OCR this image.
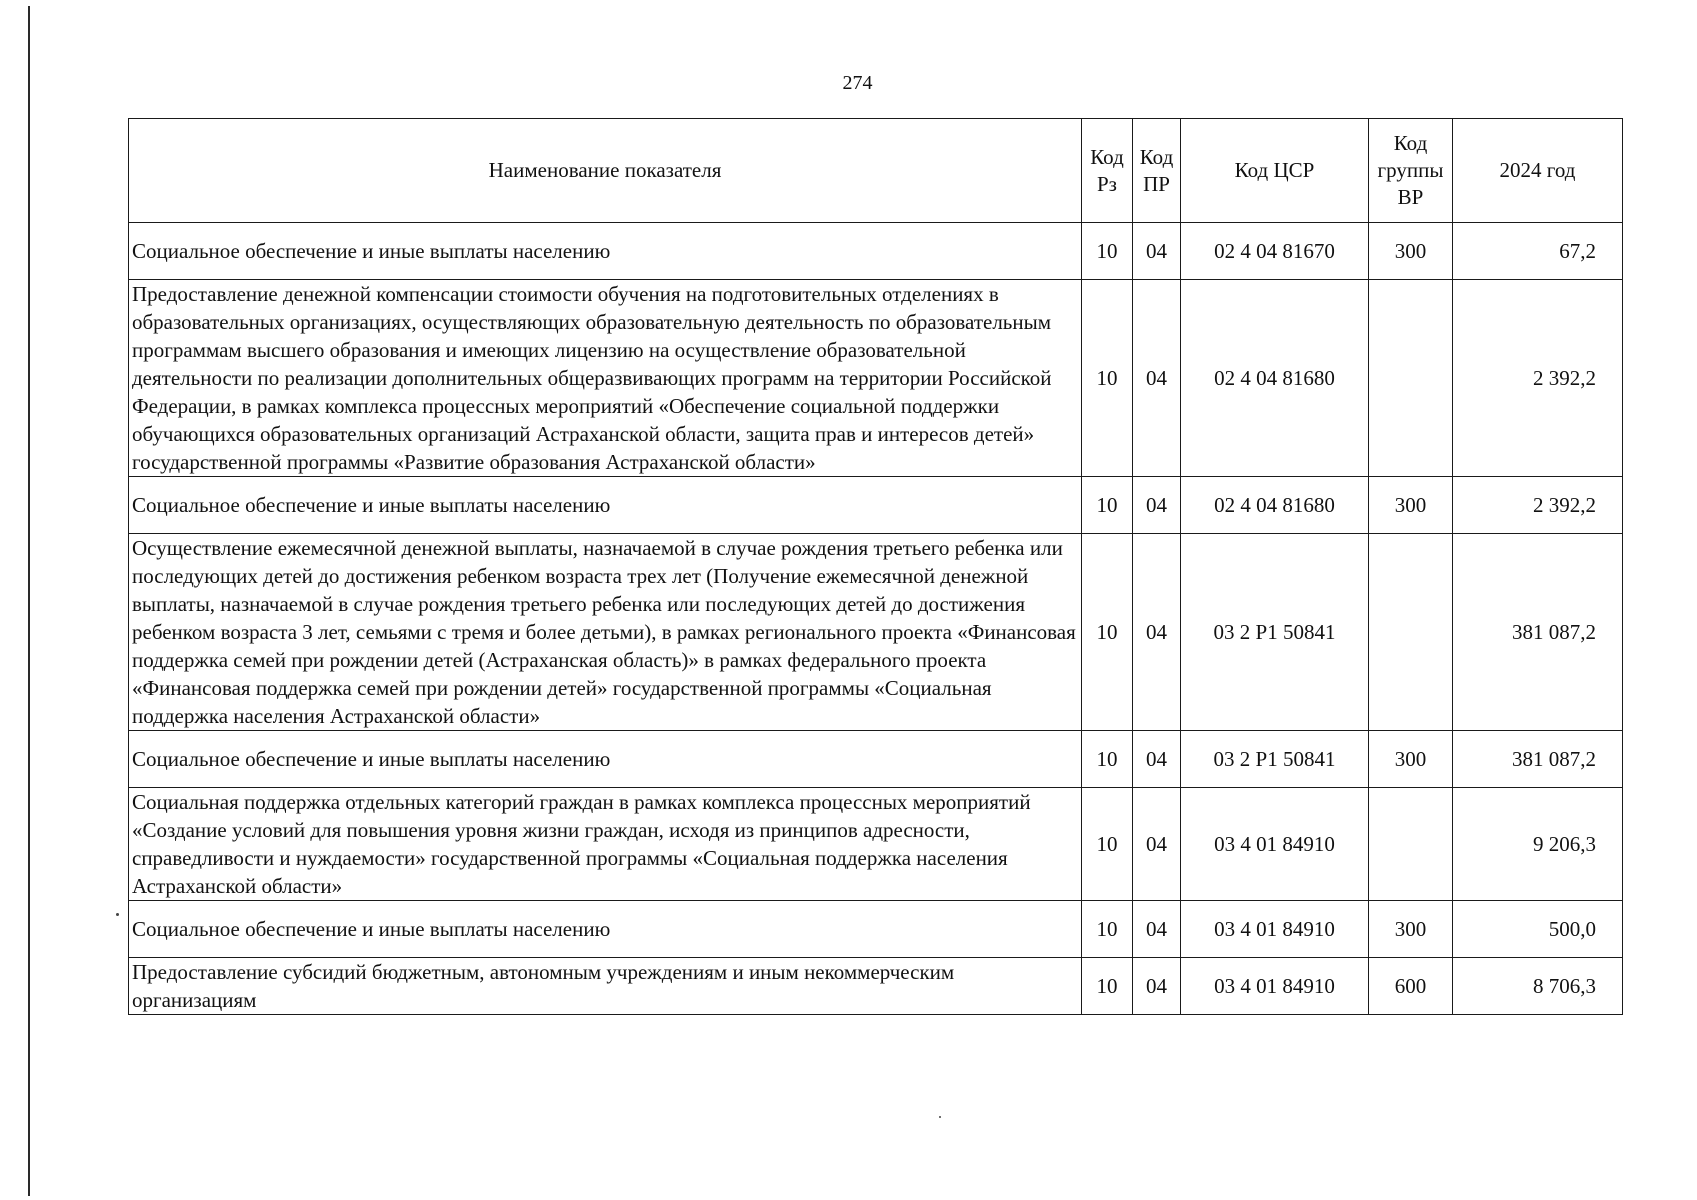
274
Наименование показателя	Код Рз	Код ПР	Код ЦСР	Код группы ВР	2024 год
Социальное обеспечение и иные выплаты населению	10	04	02 4 04 81670	300	67,2
Предоставление денежной компенсации стоимости обучения на подготовительных отделениях в образовательных организациях, осуществляющих образовательную деятельность по образовательным программам высшего образования и имеющих лицензию на осуществление образовательной деятельности по реализации дополнительных общеразвивающих программ на территории Российской Федерации, в рамках комплекса процессных мероприятий «Обеспечение социальной поддержки обучающихся образовательных организаций Астраханской области, защита прав и интересов детей» государственной программы «Развитие образования Астраханской области»	10	04	02 4 04 81680		2 392,2
Социальное обеспечение и иные выплаты населению	10	04	02 4 04 81680	300	2 392,2
Осуществление ежемесячной денежной выплаты, назначаемой в случае рождения третьего ребенка или последующих детей до достижения ребенком возраста трех лет (Получение ежемесячной денежной выплаты, назначаемой в случае рождения третьего ребенка или последующих детей до достижения ребенком возраста 3 лет, семьями с тремя и более детьми), в рамках регионального проекта «Финансовая поддержка семей при рождении детей (Астраханская область)» в рамках федерального проекта «Финансовая поддержка семей при рождении детей» государственной программы «Социальная поддержка населения Астраханской области»	10	04	03 2 P1 50841		381 087,2
Социальное обеспечение и иные выплаты населению	10	04	03 2 P1 50841	300	381 087,2
Социальная поддержка отдельных категорий граждан в рамках комплекса процессных мероприятий «Создание условий для повышения уровня жизни граждан, исходя из принципов адресности, справедливости и нуждаемости» государственной программы «Социальная поддержка населения Астраханской области»	10	04	03 4 01 84910		9 206,3
Социальное обеспечение и иные выплаты населению	10	04	03 4 01 84910	300	500,0
Предоставление субсидий бюджетным, автономным учреждениям и иным некоммерческим организациям	10	04	03 4 01 84910	600	8 706,3
